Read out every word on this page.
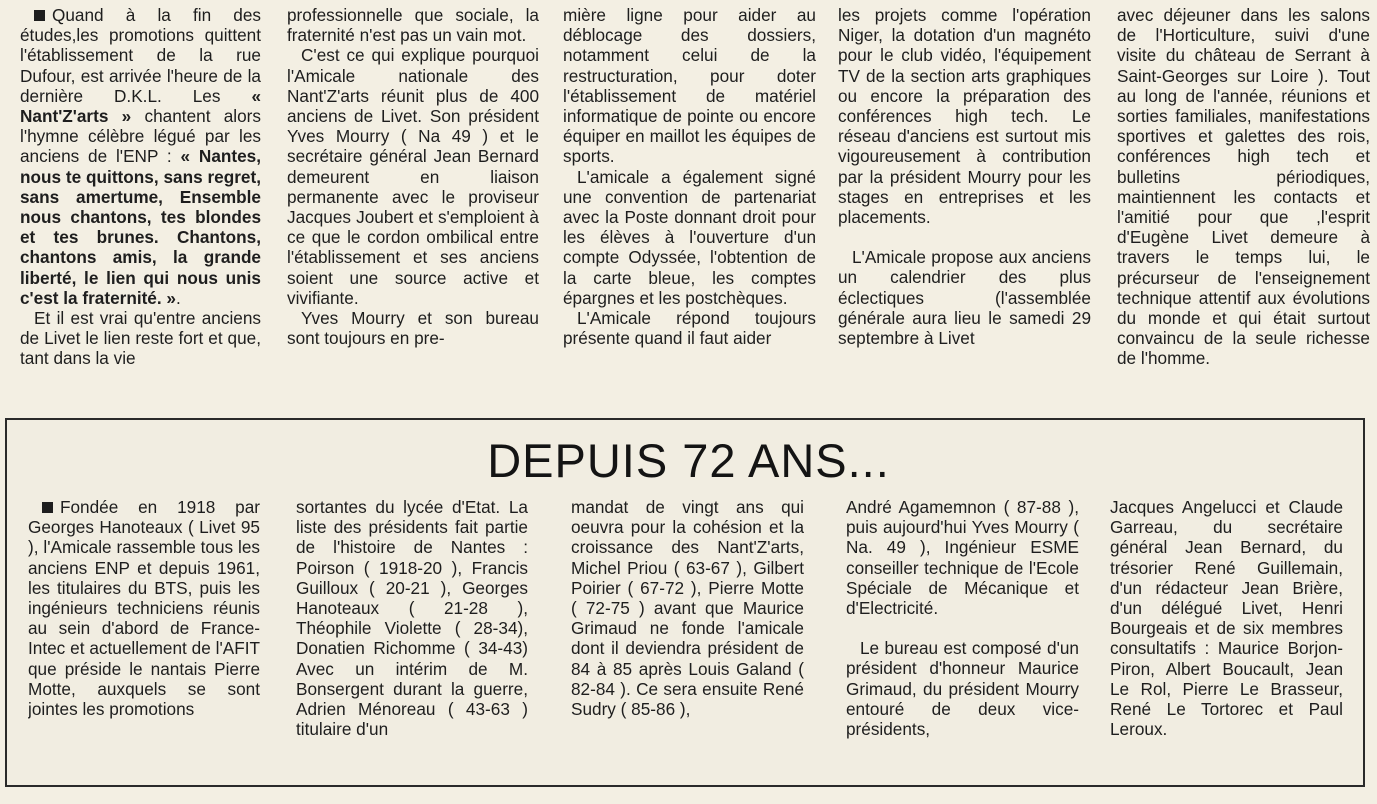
Quand à la fin des études,les promotions quittent l'établissement de la rue Dufour, est arrivée l'heure de la dernière D.K.L. Les « Nant'Z'arts » chantent alors l'hymne célèbre légué par les anciens de l'ENP : « Nantes, nous te quittons, sans regret, sans amertume, Ensemble nous chantons, tes blondes et tes brunes. Chantons, chantons amis, la grande liberté, le lien qui nous unis c'est la fraternité. ».

Et il est vrai qu'entre anciens de Livet le lien reste fort et que, tant dans la vie

professionnelle que sociale, la fraternité n'est pas un vain mot.

C'est ce qui explique pourquoi l'Amicale nationale des Nant'Z'arts réunit plus de 400 anciens de Livet. Son président Yves Mourry ( Na 49 ) et le secrétaire général Jean Bernard demeurent en liaison permanente avec le proviseur Jacques Joubert et s'emploient à ce que le cordon ombilical entre l'établissement et ses anciens soient une source active et vivifiante.

Yves Mourry et son bureau sont toujours en pre-

mière ligne pour aider au déblocage des dossiers, notamment celui de la restructuration, pour doter l'établissement de matériel informatique de pointe ou encore équiper en maillot les équipes de sports.

L'amicale a également signé une convention de partenariat avec la Poste donnant droit pour les élèves à l'ouverture d'un compte Odyssée, l'obtention de la carte bleue, les comptes épargnes et les postchèques.

L'Amicale répond toujours présente quand il faut aider

les projets comme l'opération Niger, la dotation d'un magnéto pour le club vidéo, l'équipement TV de la section arts graphiques ou encore la préparation des conférences high tech. Le réseau d'anciens est surtout mis vigoureusement à contribution par la président Mourry pour les stages en entreprises et les placements.

L'Amicale propose aux anciens un calendrier des plus éclectiques (l'assemblée générale aura lieu le samedi 29 septembre à Livet

avec déjeuner dans les salons de l'Horticulture, suivi d'une visite du château de Serrant à Saint-Georges sur Loire ). Tout au long de l'année, réunions et sorties familiales, manifestations sportives et galettes des rois, conférences high tech et bulletins périodiques, maintiennent les contacts et l'amitié pour que ,l'esprit d'Eugène Livet demeure à travers le temps lui, le précurseur de l'enseignement technique attentif aux évolutions du monde et qui était surtout convaincu de la seule richesse de l'homme.

DEPUIS 72 ANS...

Fondée en 1918 par Georges Hanoteaux ( Livet 95 ), l'Amicale rassemble tous les anciens ENP et depuis 1961, les titulaires du BTS, puis les ingénieurs techniciens réunis au sein d'abord de France-Intec et actuellement de l'AFIT que préside le nantais Pierre Motte, auxquels se sont jointes les promotions

sortantes du lycée d'Etat. La liste des présidents fait partie de l'histoire de Nantes : Poirson ( 1918-20 ), Francis Guilloux ( 20-21 ), Georges Hanoteaux ( 21-28 ), Théophile Violette ( 28-34), Donatien Richomme ( 34-43) Avec un intérim de M. Bonsergent durant la guerre, Adrien Ménoreau ( 43-63 ) titulaire d'un

mandat de vingt ans qui oeuvra pour la cohésion et la croissance des Nant'Z'arts, Michel Priou ( 63-67 ), Gilbert Poirier ( 67-72 ), Pierre Motte ( 72-75 ) avant que Maurice Grimaud ne fonde l'amicale dont il deviendra président de 84 à 85 après Louis Galand ( 82-84 ). Ce sera ensuite René Sudry ( 85-86 ),

André Agamemnon ( 87-88 ), puis aujourd'hui Yves Mourry ( Na. 49 ), Ingénieur ESME conseiller technique de l'Ecole Spéciale de Mécanique et d'Electricité.

Le bureau est composé d'un président d'honneur Maurice Grimaud, du président Mourry entouré de deux vice-présidents,

Jacques Angelucci et Claude Garreau, du secrétaire général Jean Bernard, du trésorier René Guillemain, d'un rédacteur Jean Brière, d'un délégué Livet, Henri Bourgeais et de six membres consultatifs : Maurice Borjon-Piron, Albert Boucault, Jean Le Rol, Pierre Le Brasseur, René Le Tortorec et Paul Leroux.
